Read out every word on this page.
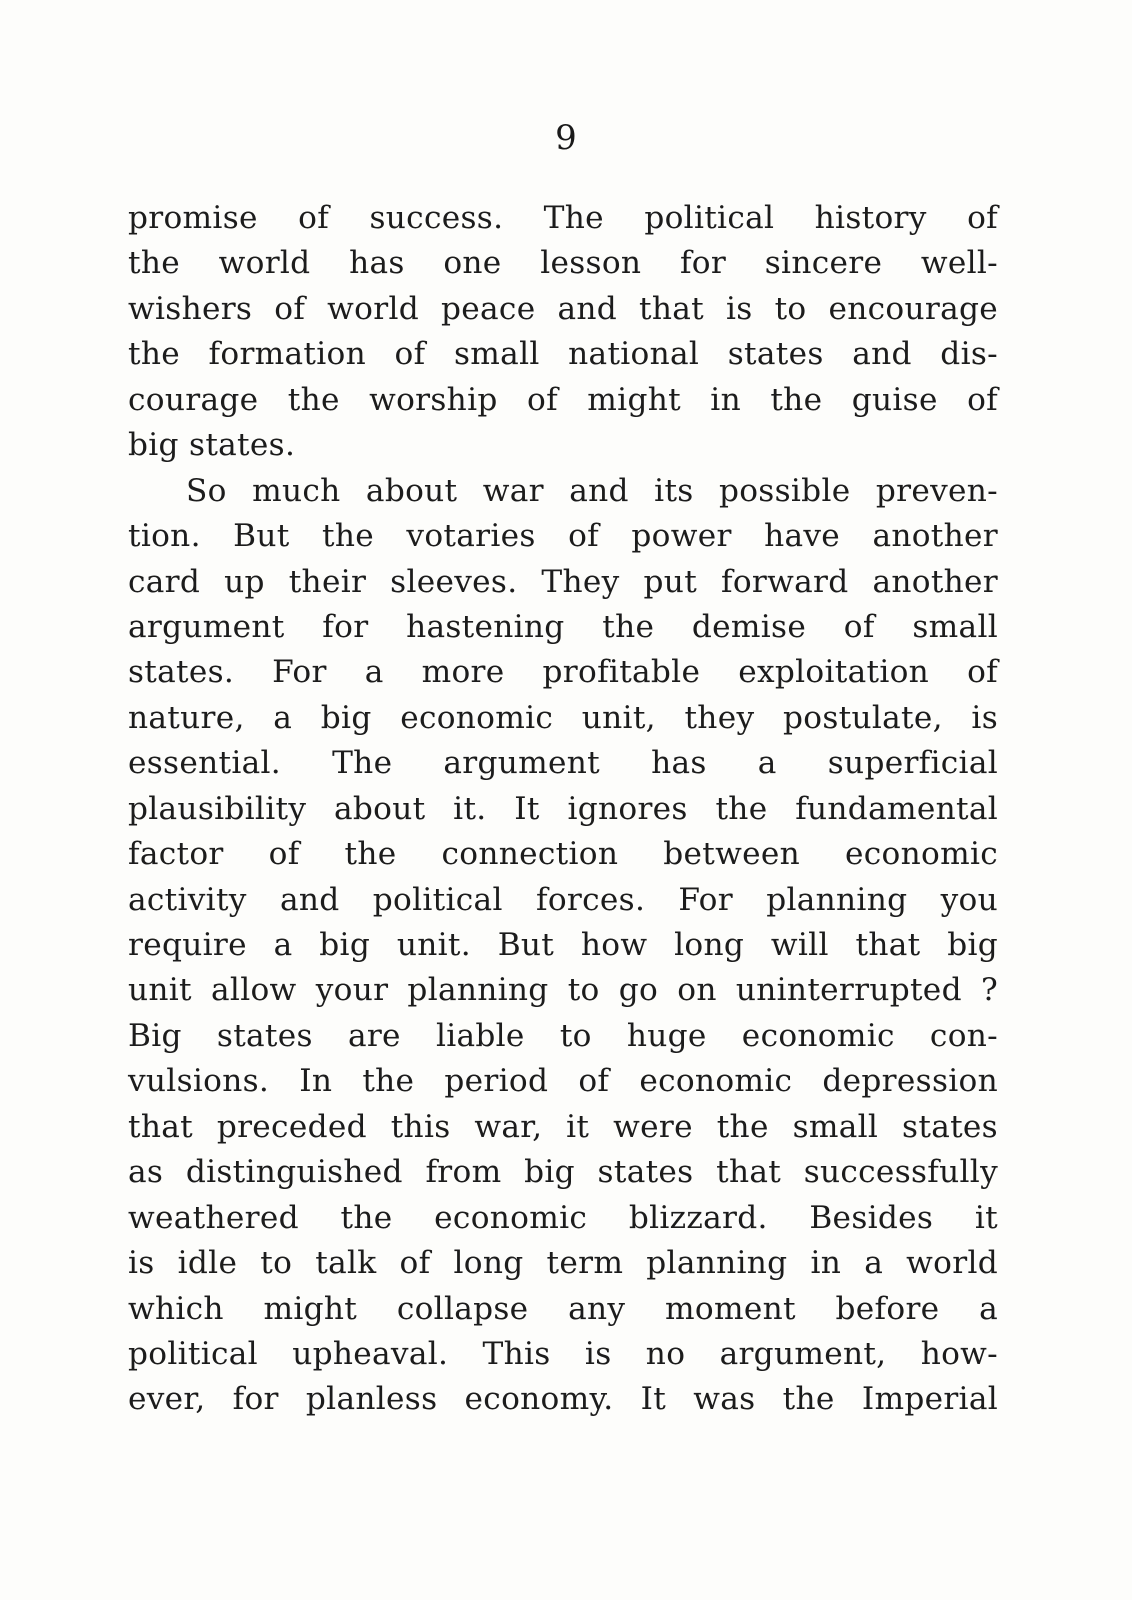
9
promise of success. The political history of
the world has one lesson for sincere well-
wishers of world peace and that is to encourage
the formation of small national states and dis-
courage the worship of might in the guise of
big states.
So much about war and its possible preven-
tion. But the votaries of power have another
card up their sleeves. They put forward another
argument for hastening the demise of small
states. For a more profitable exploitation of
nature, a big economic unit, they postulate, is
essential. The argument has a superficial
plausibility about it. It ignores the fundamental
factor of the connection between economic
activity and political forces. For planning you
require a big unit. But how long will that big
unit allow your planning to go on uninterrupted ?
Big states are liable to huge economic con-
vulsions. In the period of economic depression
that preceded this war, it were the small states
as distinguished from big states that successfully
weathered the economic blizzard. Besides it
is idle to talk of long term planning in a world
which might collapse any moment before a
political upheaval. This is no argument, how-
ever, for planless economy. It was the Imperial
